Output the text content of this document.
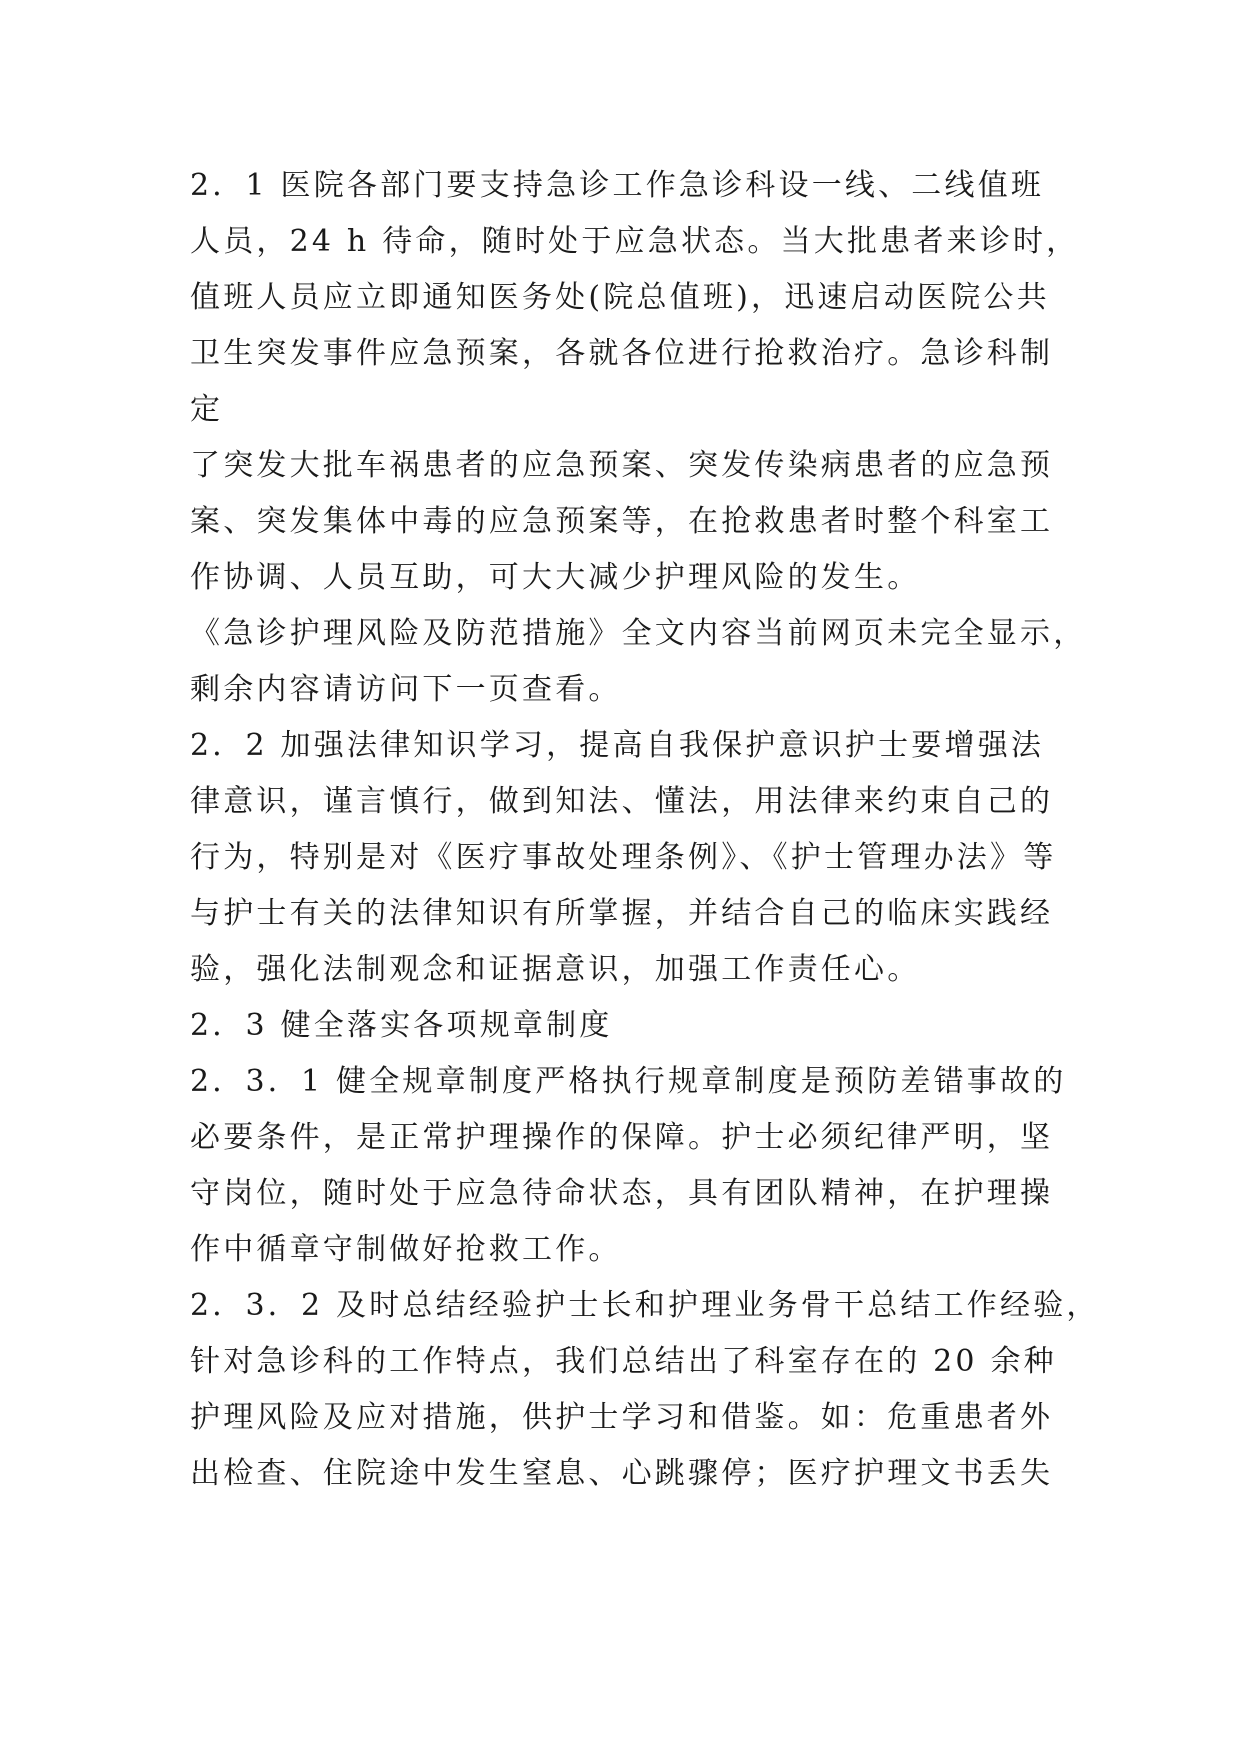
2．1 医院各部门要支持急诊工作急诊科设一线、二线值班
人员，24 h 待命，随时处于应急状态。当大批患者来诊时，
值班人员应立即通知医务处(院总值班)，迅速启动医院公共
卫生突发事件应急预案，各就各位进行抢救治疗。急诊科制
定
了突发大批车祸患者的应急预案、突发传染病患者的应急预
案、突发集体中毒的应急预案等，在抢救患者时整个科室工
作协调、人员互助，可大大减少护理风险的发生。
《急诊护理风险及防范措施》全文内容当前网页未完全显示，
剩余内容请访问下一页查看。
2．2 加强法律知识学习，提高自我保护意识护士要增强法
律意识，谨言慎行，做到知法、懂法，用法律来约束自己的
行为，特别是对《医疗事故处理条例》、《护士管理办法》等
与护士有关的法律知识有所掌握，并结合自己的临床实践经
验，强化法制观念和证据意识，加强工作责任心。
2．3 健全落实各项规章制度
2．3．1 健全规章制度严格执行规章制度是预防差错事故的
必要条件，是正常护理操作的保障。护士必须纪律严明，坚
守岗位，随时处于应急待命状态，具有团队精神，在护理操
作中循章守制做好抢救工作。
2．3．2 及时总结经验护士长和护理业务骨干总结工作经验，
针对急诊科的工作特点，我们总结出了科室存在的 20 余种
护理风险及应对措施，供护士学习和借鉴。如：危重患者外
出检查、住院途中发生窒息、心跳骤停；医疗护理文书丢失
